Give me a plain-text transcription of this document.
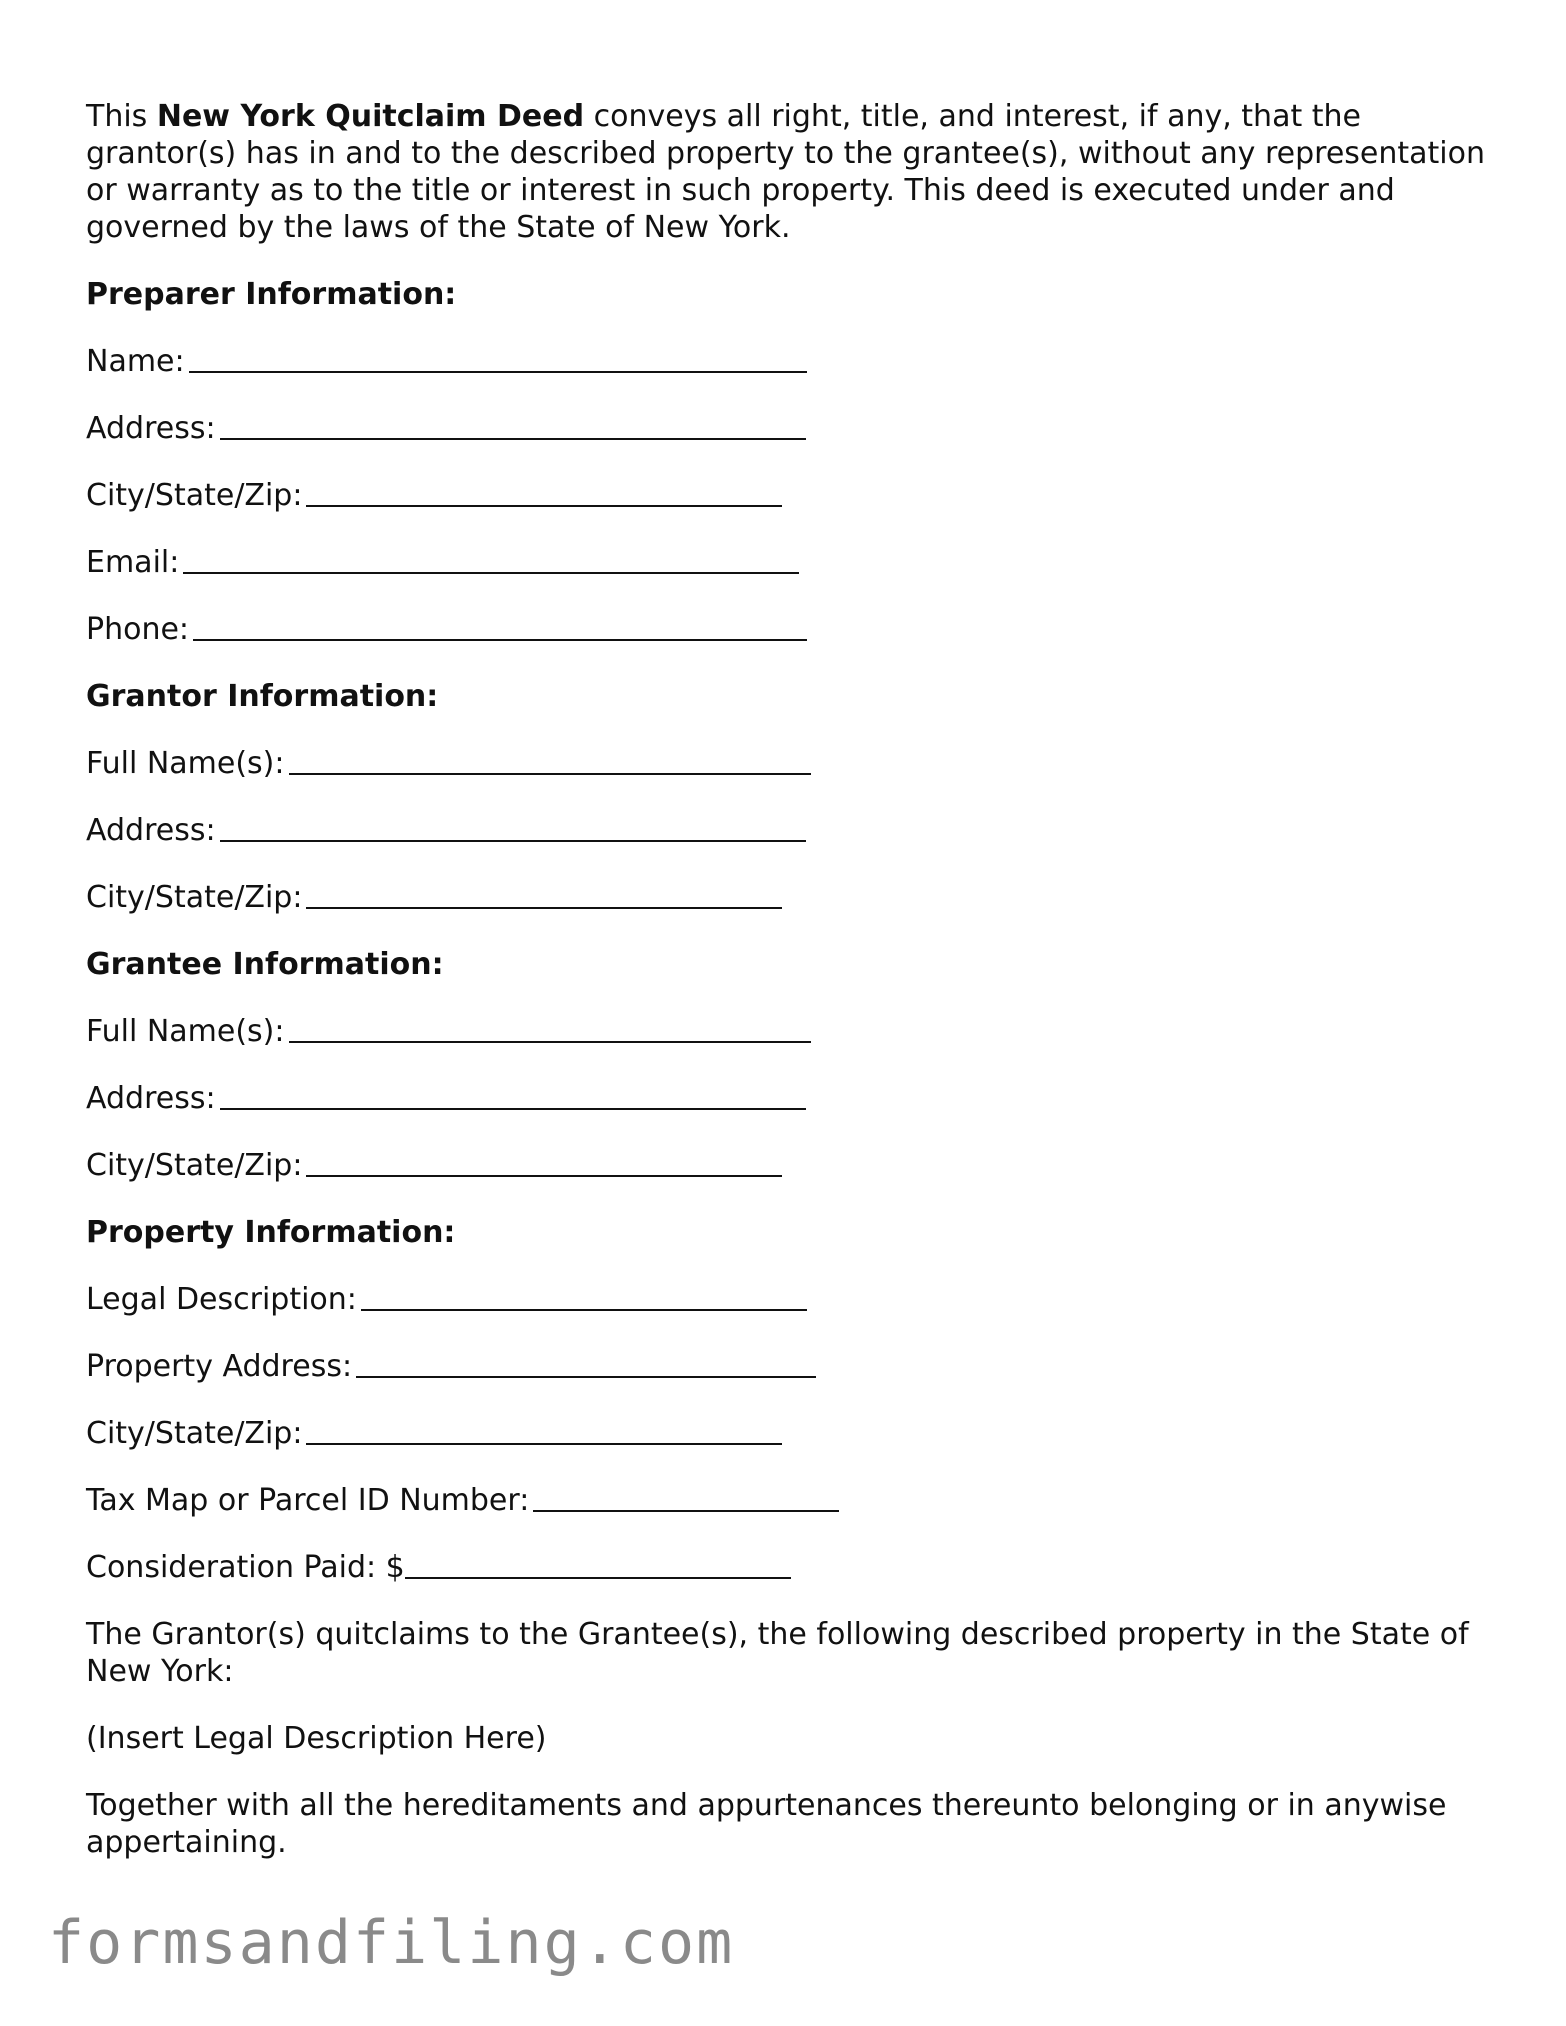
This New York Quitclaim Deed conveys all right, title, and interest, if any, that the grantor(s) has in and to the described property to the grantee(s), without any representation or warranty as to the title or interest in such property. This deed is executed under and governed by the laws of the State of New York.

Preparer Information:
Name:
Address:
City/State/Zip:
Email:
Phone:
Grantor Information:
Full Name(s):
Address:
City/State/Zip:
Grantee Information:
Full Name(s):
Address:
City/State/Zip:
Property Information:
Legal Description:
Property Address:
City/State/Zip:
Tax Map or Parcel ID Number:
Consideration Paid: $

The Grantor(s) quitclaims to the Grantee(s), the following described property in the State of New York:

(Insert Legal Description Here)

Together with all the hereditaments and appurtenances thereunto belonging or in anywise appertaining.

formsandfiling.com
